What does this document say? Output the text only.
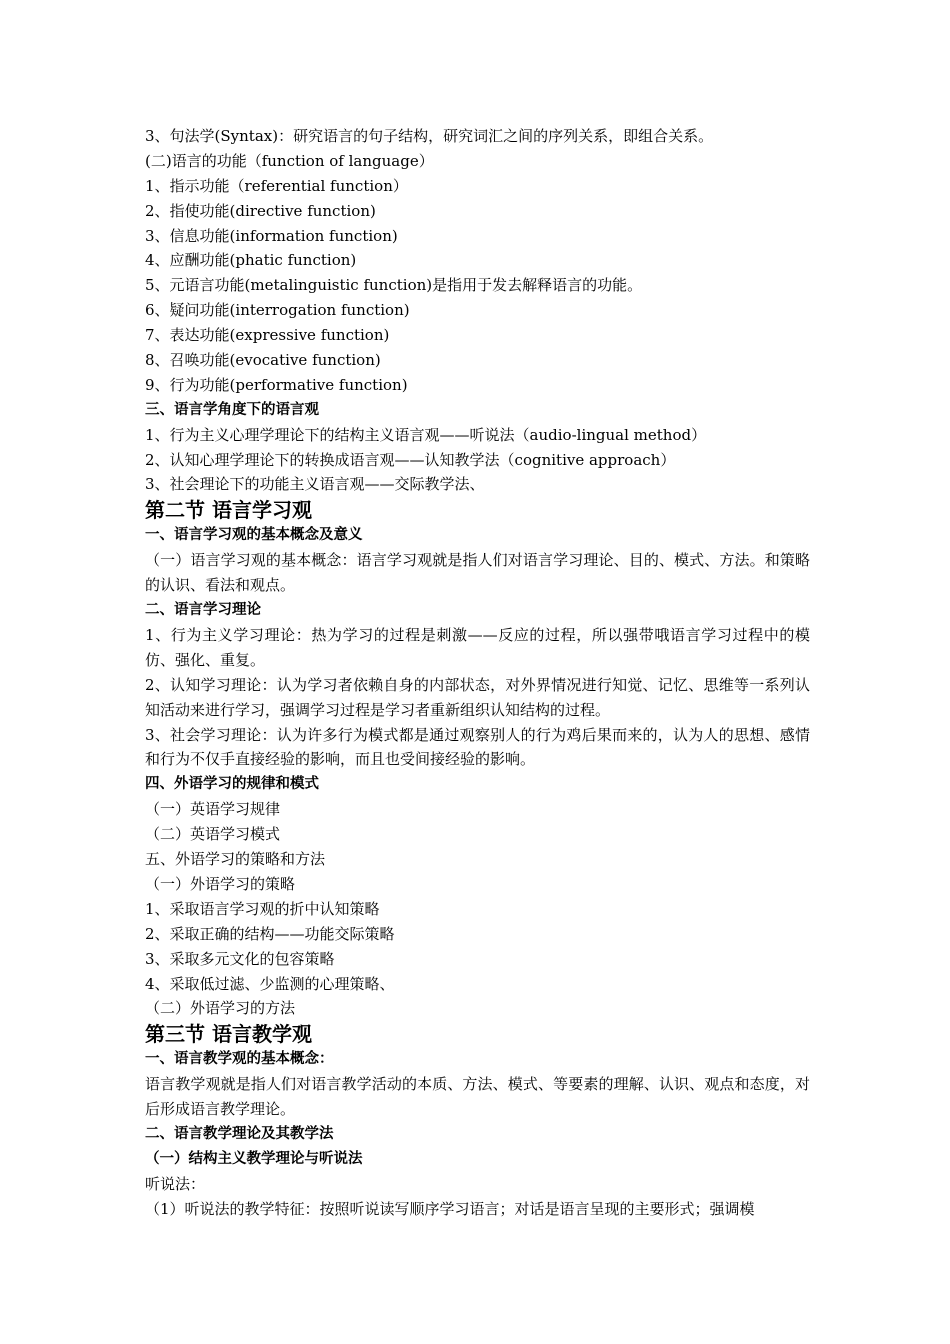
3、句法学(Syntax)：研究语言的句子结构，研究词汇之间的序列关系，即组合关系。
(二)语言的功能（function of language）
1、指示功能（referential function）
2、指使功能(directive function)
3、信息功能(information function)
4、应酬功能(phatic function)
5、元语言功能(metalinguistic function)是指用于发去解释语言的功能。
6、疑问功能(interrogation function)
7、表达功能(expressive function)
8、召唤功能(evocative function)
9、行为功能(performative function)
三、语言学角度下的语言观
1、行为主义心理学理论下的结构主义语言观——听说法（audio-lingual method）
2、认知心理学理论下的转换成语言观——认知教学法（cognitive approach）
3、社会理论下的功能主义语言观——交际教学法、
第二节 语言学习观
一、语言学习观的基本概念及意义
（一）语言学习观的基本概念：语言学习观就是指人们对语言学习理论、目的、模式、方法。和策略的认识、看法和观点。
二、语言学习理论
1、行为主义学习理论：热为学习的过程是刺激——反应的过程，所以强带哦语言学习过程中的模仿、强化、重复。
2、认知学习理论：认为学习者依赖自身的内部状态，对外界情况进行知觉、记忆、思维等一系列认知活动来进行学习，强调学习过程是学习者重新组织认知结构的过程。
3、社会学习理论：认为许多行为模式都是通过观察别人的行为鸡后果而来的，认为人的思想、感情和行为不仅手直接经验的影响，而且也受间接经验的影响。
四、外语学习的规律和模式
（一）英语学习规律
（二）英语学习模式
五、外语学习的策略和方法
（一）外语学习的策略
1、采取语言学习观的折中认知策略
2、采取正确的结构——功能交际策略
3、采取多元文化的包容策略
4、采取低过滤、少监测的心理策略、
（二）外语学习的方法
第三节 语言教学观
一、语言教学观的基本概念：
语言教学观就是指人们对语言教学活动的本质、方法、模式、等要素的理解、认识、观点和态度，对后形成语言教学理论。
二、语言教学理论及其教学法
（一）结构主义教学理论与听说法
听说法：
（1）听说法的教学特征：按照听说读写顺序学习语言；对话是语言呈现的主要形式；强调模
